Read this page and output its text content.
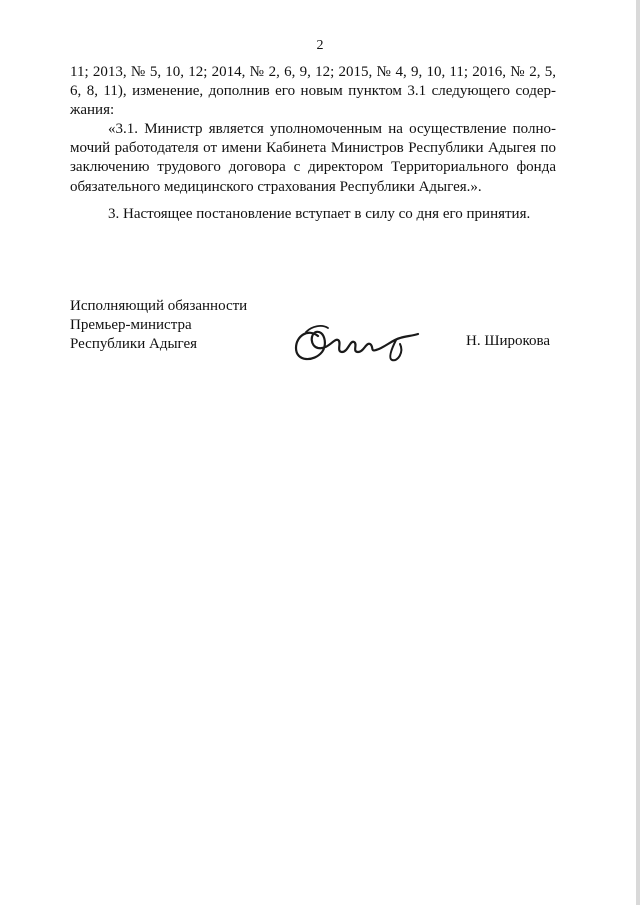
2
11; 2013, № 5, 10, 12; 2014, № 2, 6, 9, 12; 2015, № 4, 9, 10, 11; 2016, № 2, 5,
6, 8, 11), изменение, дополнив его новым пунктом 3.1 следующего содер-
жания:
«3.1. Министр является уполномоченным на осуществление полно-
мочий работодателя от имени Кабинета Министров Республики Адыгея по
заключению трудового договора с директором Территориального фонда
обязательного медицинского страхования Республики Адыгея.».
3. Настоящее постановление вступает в силу со дня его принятия.
Исполняющий обязанности
Премьер-министра
Республики Адыгея	Н. Широкова
